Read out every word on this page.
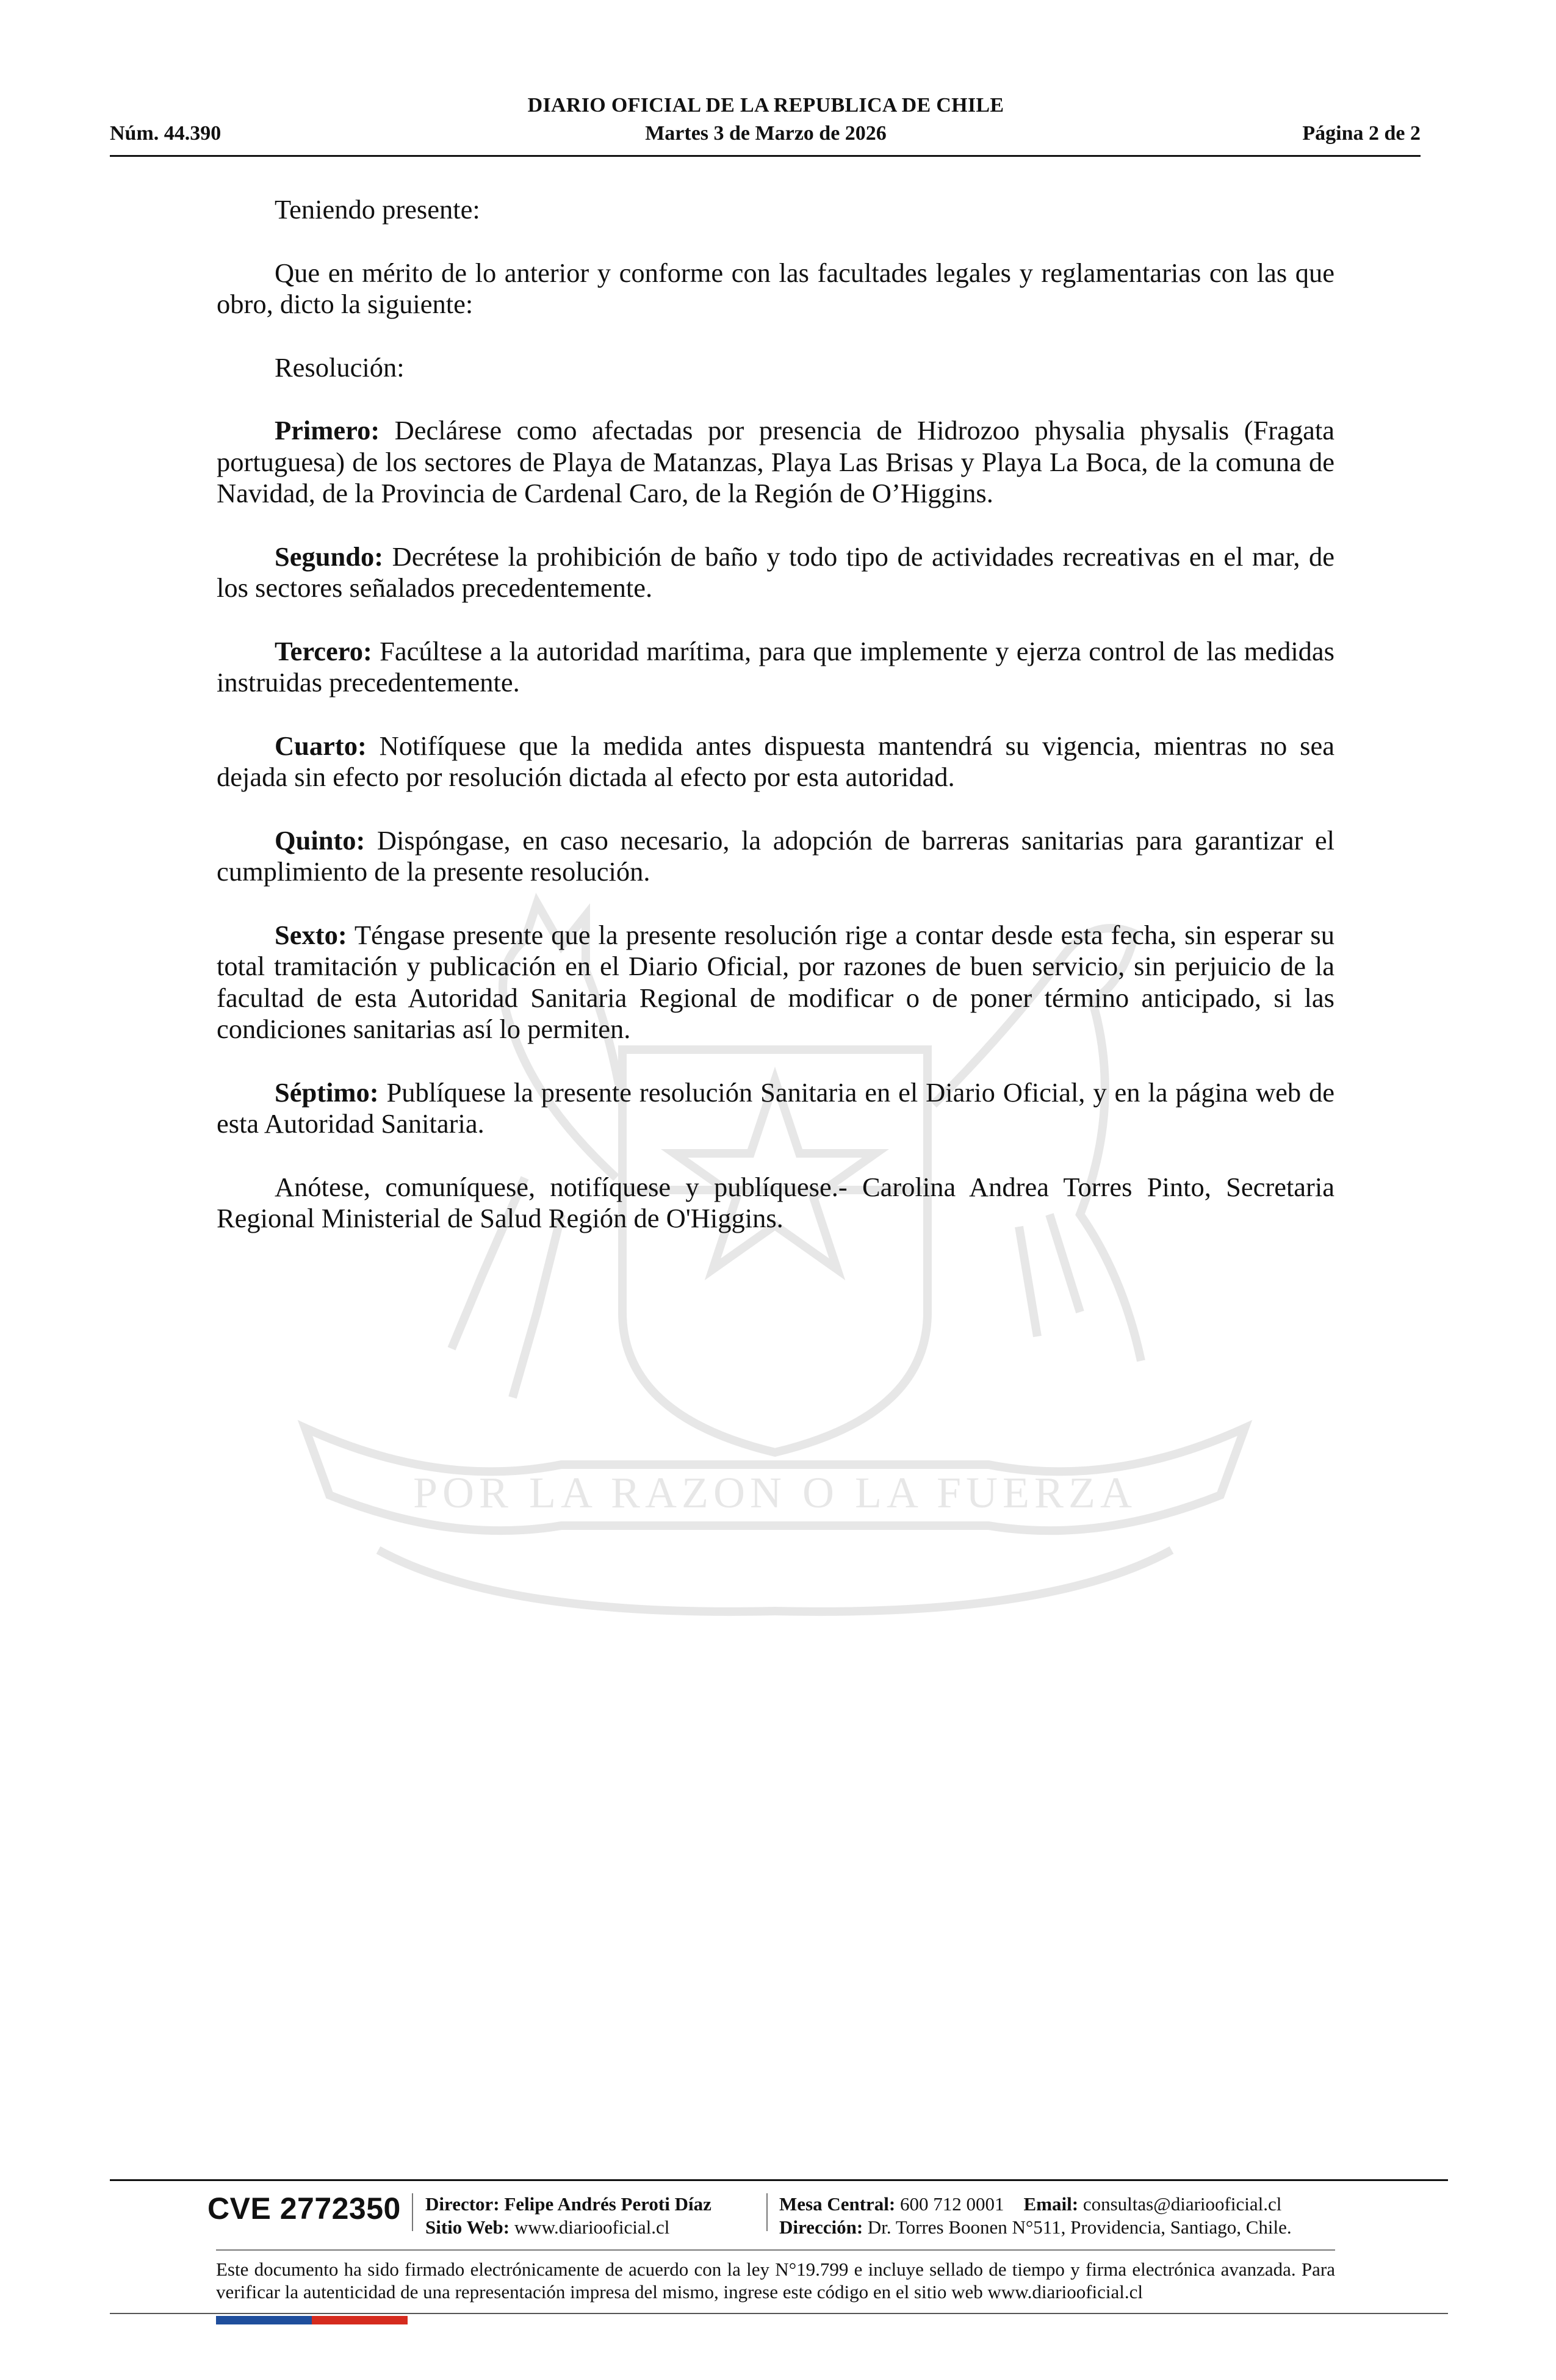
DIARIO OFICIAL DE LA REPUBLICA DE CHILE
Núm. 44.390	Martes 3 de Marzo de 2026	Página 2 de 2
POR LA RAZON O LA FUERZA

Teniendo presente:

Que en mérito de lo anterior y conforme con las facultades legales y reglamentarias con las que obro, dicto la siguiente:

Resolución:

Primero: Declárese como afectadas por presencia de Hidrozoo physalia physalis (Fragata portuguesa) de los sectores de Playa de Matanzas, Playa Las Brisas y Playa La Boca, de la comuna de Navidad, de la Provincia de Cardenal Caro, de la Región de O’Higgins.

Segundo: Decrétese la prohibición de baño y todo tipo de actividades recreativas en el mar, de los sectores señalados precedentemente.

Tercero: Facúltese a la autoridad marítima, para que implemente y ejerza control de las medidas instruidas precedentemente.

Cuarto: Notifíquese que la medida antes dispuesta mantendrá su vigencia, mientras no sea dejada sin efecto por resolución dictada al efecto por esta autoridad.

Quinto: Dispóngase, en caso necesario, la adopción de barreras sanitarias para garantizar el cumplimiento de la presente resolución.

Sexto: Téngase presente que la presente resolución rige a contar desde esta fecha, sin esperar su total tramitación y publicación en el Diario Oficial, por razones de buen servicio, sin perjuicio de la facultad de esta Autoridad Sanitaria Regional de modificar o de poner término anticipado, si las condiciones sanitarias así lo permiten.

Séptimo: Publíquese la presente resolución Sanitaria en el Diario Oficial, y en la página web de esta Autoridad Sanitaria.

Anótese, comuníquese, notifíquese y publíquese.- Carolina Andrea Torres Pinto, Secretaria Regional Ministerial de Salud Región de O'Higgins.

CVE 2772350 Director: Felipe Andrés Peroti Díaz
Sitio Web: www.diariooficial.cl
Mesa Central: 600 712 0001 Email: consultas@diariooficial.cl
Dirección: Dr. Torres Boonen N°511, Providencia, Santiago, Chile.
Este documento ha sido firmado electrónicamente de acuerdo con la ley N°19.799 e incluye sellado de tiempo y firma electrónica avanzada. Para verificar la autenticidad de una representación impresa del mismo, ingrese este código en el sitio web www.diariooficial.cl
